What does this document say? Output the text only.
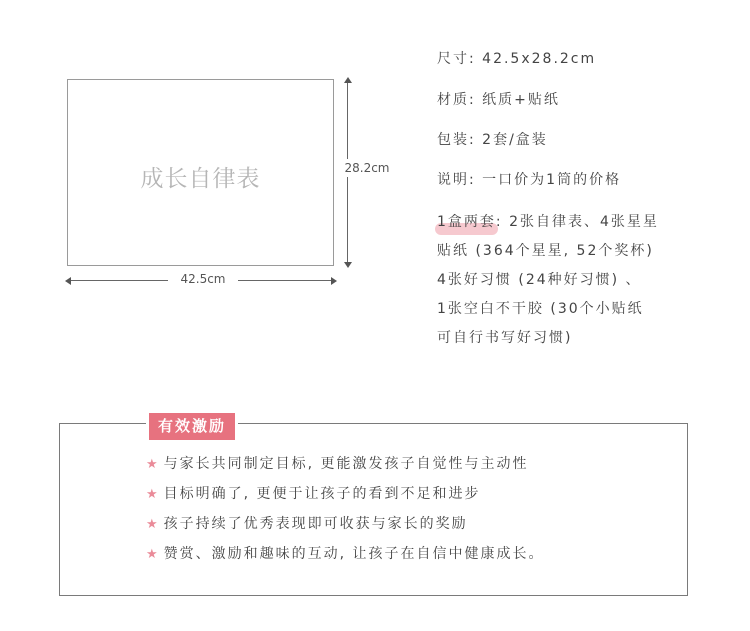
成长自律表	28.2cm
42.5cm
尺寸: 42.5x28.2cm
材质: 纸质+贴纸
包装: 2套/盒装
说明: 一口价为1筒的价格
1盒两套: 2张自律表、4张星星
贴纸 (364个星星, 52个奖杯)
4张好习惯 (24种好习惯) 、
1张空白不干胶 (30个小贴纸
可自行书写好习惯)
有效激励
★ 与家长共同制定目标, 更能激发孩子自觉性与主动性
★ 目标明确了, 更便于让孩子的看到不足和进步
★ 孩子持续了优秀表现即可收获与家长的奖励
★ 赞赏、激励和趣味的互动, 让孩子在自信中健康成长。
